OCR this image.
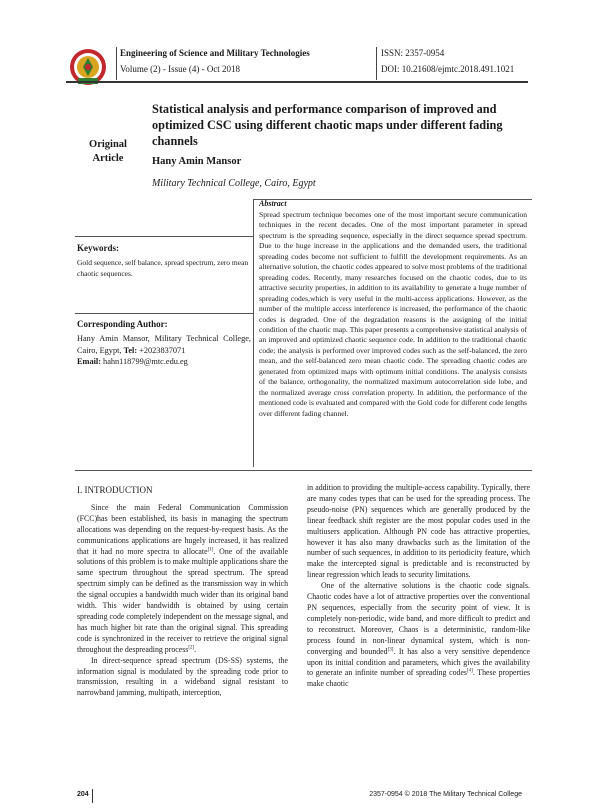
Engineering of Science and Military Technologies
Volume (2) - Issue (4) - Oct 2018
ISSN: 2357-0954
DOI: 10.21608/ejmtc.2018.491.1021
Original Article
Statistical analysis and performance comparison of improved and optimized CSC using different chaotic maps under different fading channels
Hany Amin Mansor
Military Technical College, Cairo, Egypt
Abstract
Spread spectrum technique becomes one of the most important secure communication techniques in the recent decades. One of the most important parameter in spread spectrum is the spreading sequence, especially in the direct sequence spread spectrum. Due to the huge increase in the applications and the demanded users, the traditional spreading codes become not sufficient to fulfill the development requirements. As an alternative solution, the chaotic codes appeared to solve most problems of the traditional spreading codes. Recently, many researches focused on the chaotic codes, due to its attractive security properties, in addition to its availability to generate a huge number of spreading codes,which is very useful in the multi-access applications. However, as the number of the multiple access interference is increased, the performance of the chaotic codes is degraded. One of the degradation reasons is the assigning of the initial condition of the chaotic map. This paper presents a comprehensive statistical analysis of an improved and optimized chaotic sequence code. In addition to the traditional chaotic code; the analysis is performed over improved codes such as the self-balanced, the zero mean, and the self-balanced zero mean chaotic code. The spreading chaotic codes are generated from optimized maps with optimum initial conditions. The analysis consists of the balance, orthogonality, the normalized maximum autocorrelation side lobe, and the normalized average cross correlation property. In addition, the performance of the mentioned code is evaluated and compared with the Gold code for different code lengths over different fading channel.
Keywords:
Gold sequence, self balance, spread spectrum, zero mean chaotic sequences.
Corresponding Author:
Hany Amin Mansor, Military Technical College, Cairo, Egypt, Tel: +2023837071
Email: hahn118799@mtc.edu.eg
I. INTRODUCTION

Since the main Federal Communication Commission (FCC)has been established, its basis in managing the spectrum allocations was depending on the request-by-request basis. As the communications applications are hugely increased, it has realized that it had no more spectra to allocate[1]. One of the available solutions of this problem is to make multiple applications share the same spectrum throughout the spread spectrum. The spread spectrum simply can be defined as the transmission way in which the signal occupies a bandwidth much wider than its original band width. This wider bandwidth is obtained by using certain spreading code completely independent on the message signal, and has much higher bit rate than the original signal. This spreading code is synchronized in the receiver to retrieve the original signal throughout the despreading process[2].

In direct-sequence spread spectrum (DS-SS) systems, the information signal is modulated by the spreading code prior to transmission, resulting in a wideband signal resistant to narrowband jamming, multipath, interception,

in addition to providing the multiple-access capability. Typically, there are many codes types that can be used for the spreading process. The pseudo-noise (PN) sequences which are generally produced by the linear feedback shift register are the most popular codes used in the multiusers application. Although PN code has attractive properties, however it has also many drawbacks such as the limitation of the number of such sequences, in addition to its periodicity feature, which make the intercepted signal is predictable and is reconstructed by linear regression which leads to security limitations.

One of the alternative solutions is the chaotic code signals. Chaotic codes have a lot of attractive properties over the conventional PN sequences, especially from the security point of view. It is completely non-periodic, wide band, and more difficult to predict and to reconstruct. Moreover, Chaos is a deterministic, random-like process found in non-linear dynamical system, which is non-converging and bounded[3]. It has also a very sensitive dependence upon its initial condition and parameters, which gives the availability to generate an infinite number of spreading codes[4]. These properties make chaotic

204	2357-0954 © 2018 The Military Technical College
